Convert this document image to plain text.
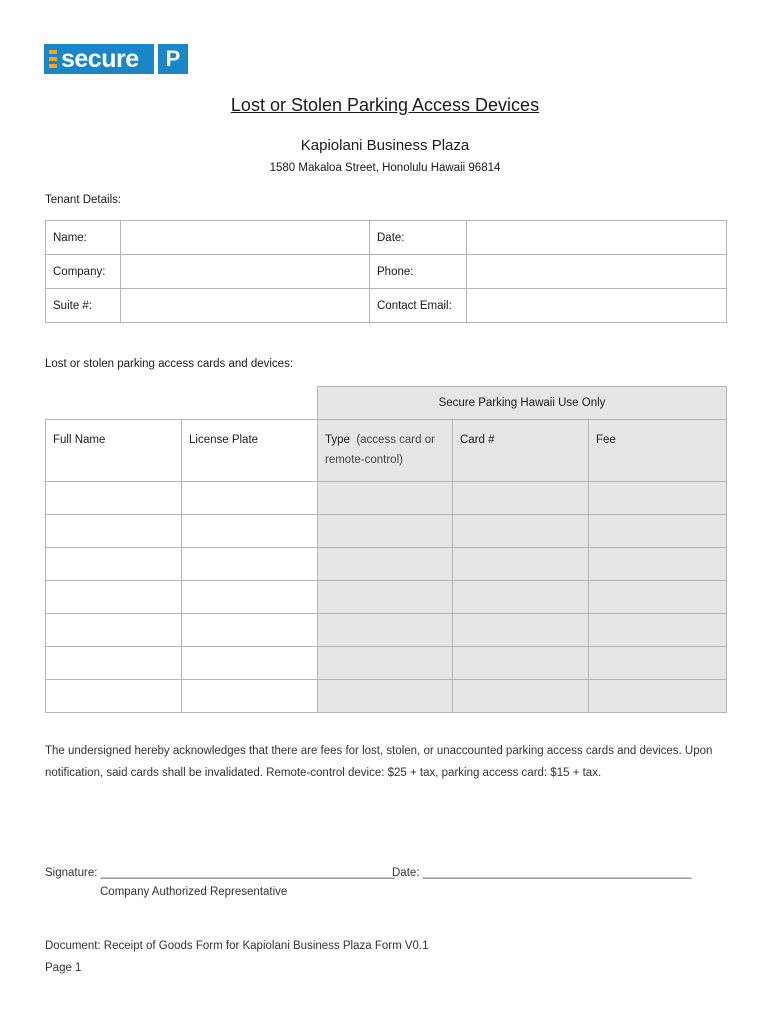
secure	P
Lost or Stolen Parking Access Devices
Kapiolani Business Plaza
1580 Makaloa Street, Honolulu Hawaii 96814
Tenant Details:
Name:		Date:	
Company:		Phone:	
Suite #:		Contact Email:	
Lost or stolen parking access cards and devices:
		Secure Parking Hawaii Use Only		
Full Name	License Plate	Type (access card or remote-control)	Card #	Fee

The undersigned hereby acknowledges that there are fees for lost, stolen, or unaccounted parking access cards and devices. Upon notification, said cards shall be invalidated. Remote-control device: $25 + tax, parking access card: $15 + tax.
Signature: ______________________________________________
Date: __________________________________________
Company Authorized Representative
Document: Receipt of Goods Form for Kapiolani Business Plaza Form V0.1
Page 1
